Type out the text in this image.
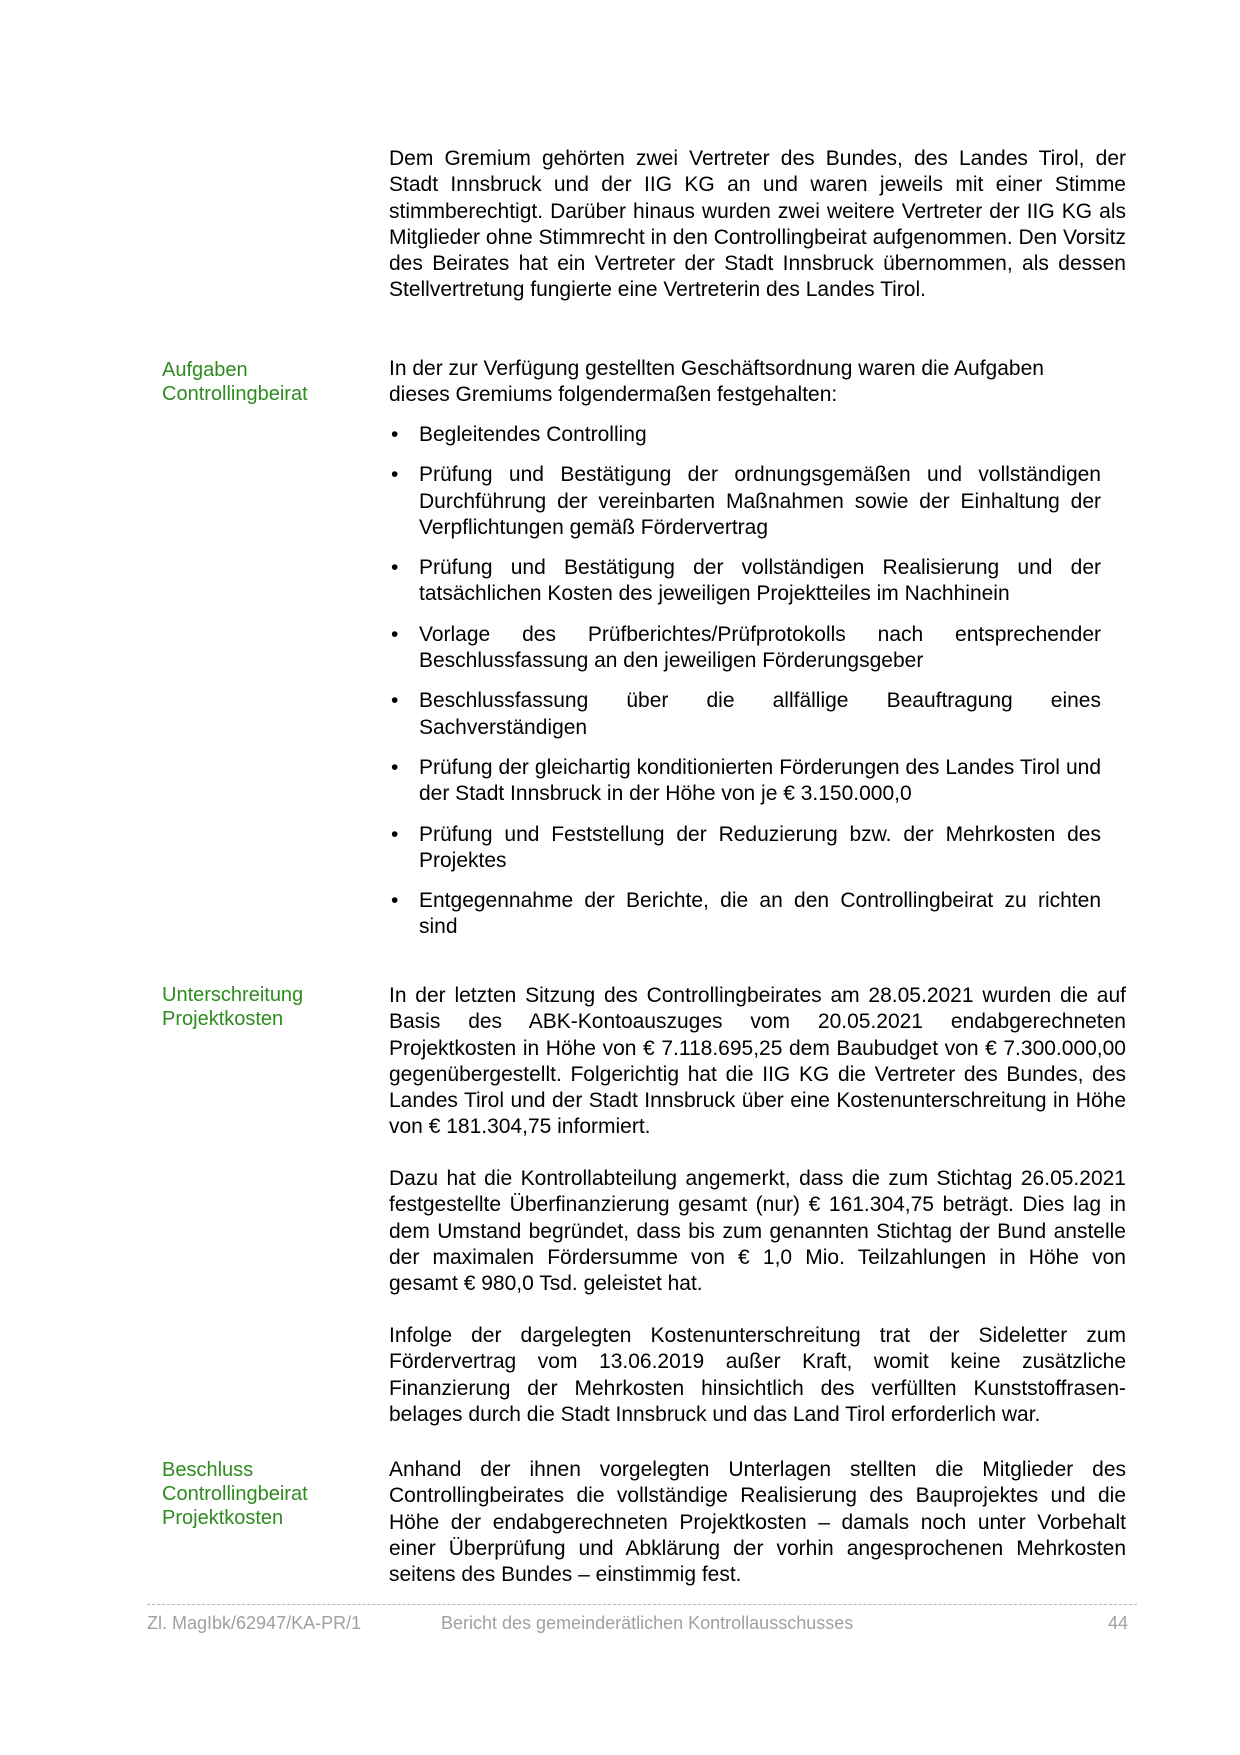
Dem Gremium gehörten zwei Vertreter des Bundes, des Landes Tirol, der Stadt Innsbruck und der IIG KG an und waren jeweils mit einer Stimme stimmberechtigt. Darüber hinaus wurden zwei weitere Vertreter der IIG KG als Mitglieder ohne Stimmrecht in den Controllingbeirat aufgenommen. Den Vorsitz des Beirates hat ein Vertreter der Stadt Innsbruck übernommen, als dessen Stellvertretung fungierte eine Vertreterin des Landes Tirol.

Aufgaben
Controllingbeirat

In der zur Verfügung gestellten Geschäftsordnung waren die Aufgaben dieses Gremiums folgendermaßen festgehalten:

• Begleitendes Controlling
• Prüfung und Bestätigung der ordnungsgemäßen und vollständigen Durchführung der vereinbarten Maßnahmen sowie der Einhaltung der Verpflichtungen gemäß Fördervertrag
• Prüfung und Bestätigung der vollständigen Realisierung und der tatsächlichen Kosten des jeweiligen Projektteiles im Nachhinein
• Vorlage des Prüfberichtes/Prüfprotokolls nach entsprechender Beschlussfassung an den jeweiligen Förderungsgeber
• Beschlussfassung über die allfällige Beauftragung eines Sachverständigen
• Prüfung der gleichartig konditionierten Förderungen des Landes Tirol und der Stadt Innsbruck in der Höhe von je € 3.150.000,0
• Prüfung und Feststellung der Reduzierung bzw. der Mehrkosten des Projektes
• Entgegennahme der Berichte, die an den Controllingbeirat zu richten sind
Unterschreitung
Projektkosten

In der letzten Sitzung des Controllingbeirates am 28.05.2021 wurden die auf Basis des ABK-Kontoauszuges vom 20.05.2021 endabgerechneten Projektkosten in Höhe von € 7.118.695,25 dem Baubudget von € 7.300.000,00 gegenübergestellt. Folgerichtig hat die IIG KG die Vertreter des Bundes, des Landes Tirol und der Stadt Innsbruck über eine Kostenunterschreitung in Höhe von € 181.304,75 informiert.

Dazu hat die Kontrollabteilung angemerkt, dass die zum Stichtag 26.05.2021 festgestellte Überfinanzierung gesamt (nur) € 161.304,75 beträgt. Dies lag in dem Umstand begründet, dass bis zum genannten Stichtag der Bund anstelle der maximalen Fördersumme von € 1,0 Mio. Teilzahlungen in Höhe von gesamt € 980,0 Tsd. geleistet hat.

Infolge der dargelegten Kostenunterschreitung trat der Sideletter zum Fördervertrag vom 13.06.2019 außer Kraft, womit keine zusätzliche Finanzierung der Mehrkosten hinsichtlich des verfüllten Kunststoffrasen-belages durch die Stadt Innsbruck und das Land Tirol erforderlich war.

Beschluss
Controllingbeirat
Projektkosten

Anhand der ihnen vorgelegten Unterlagen stellten die Mitglieder des Controllingbeirates die vollständige Realisierung des Bauprojektes und die Höhe der endabgerechneten Projektkosten – damals noch unter Vorbehalt einer Überprüfung und Abklärung der vorhin angesprochenen Mehrkosten seitens des Bundes – einstimmig fest.

Zl. MagIbk/62947/KA-PR/1	Bericht des gemeinderätlichen Kontrollausschusses	44
